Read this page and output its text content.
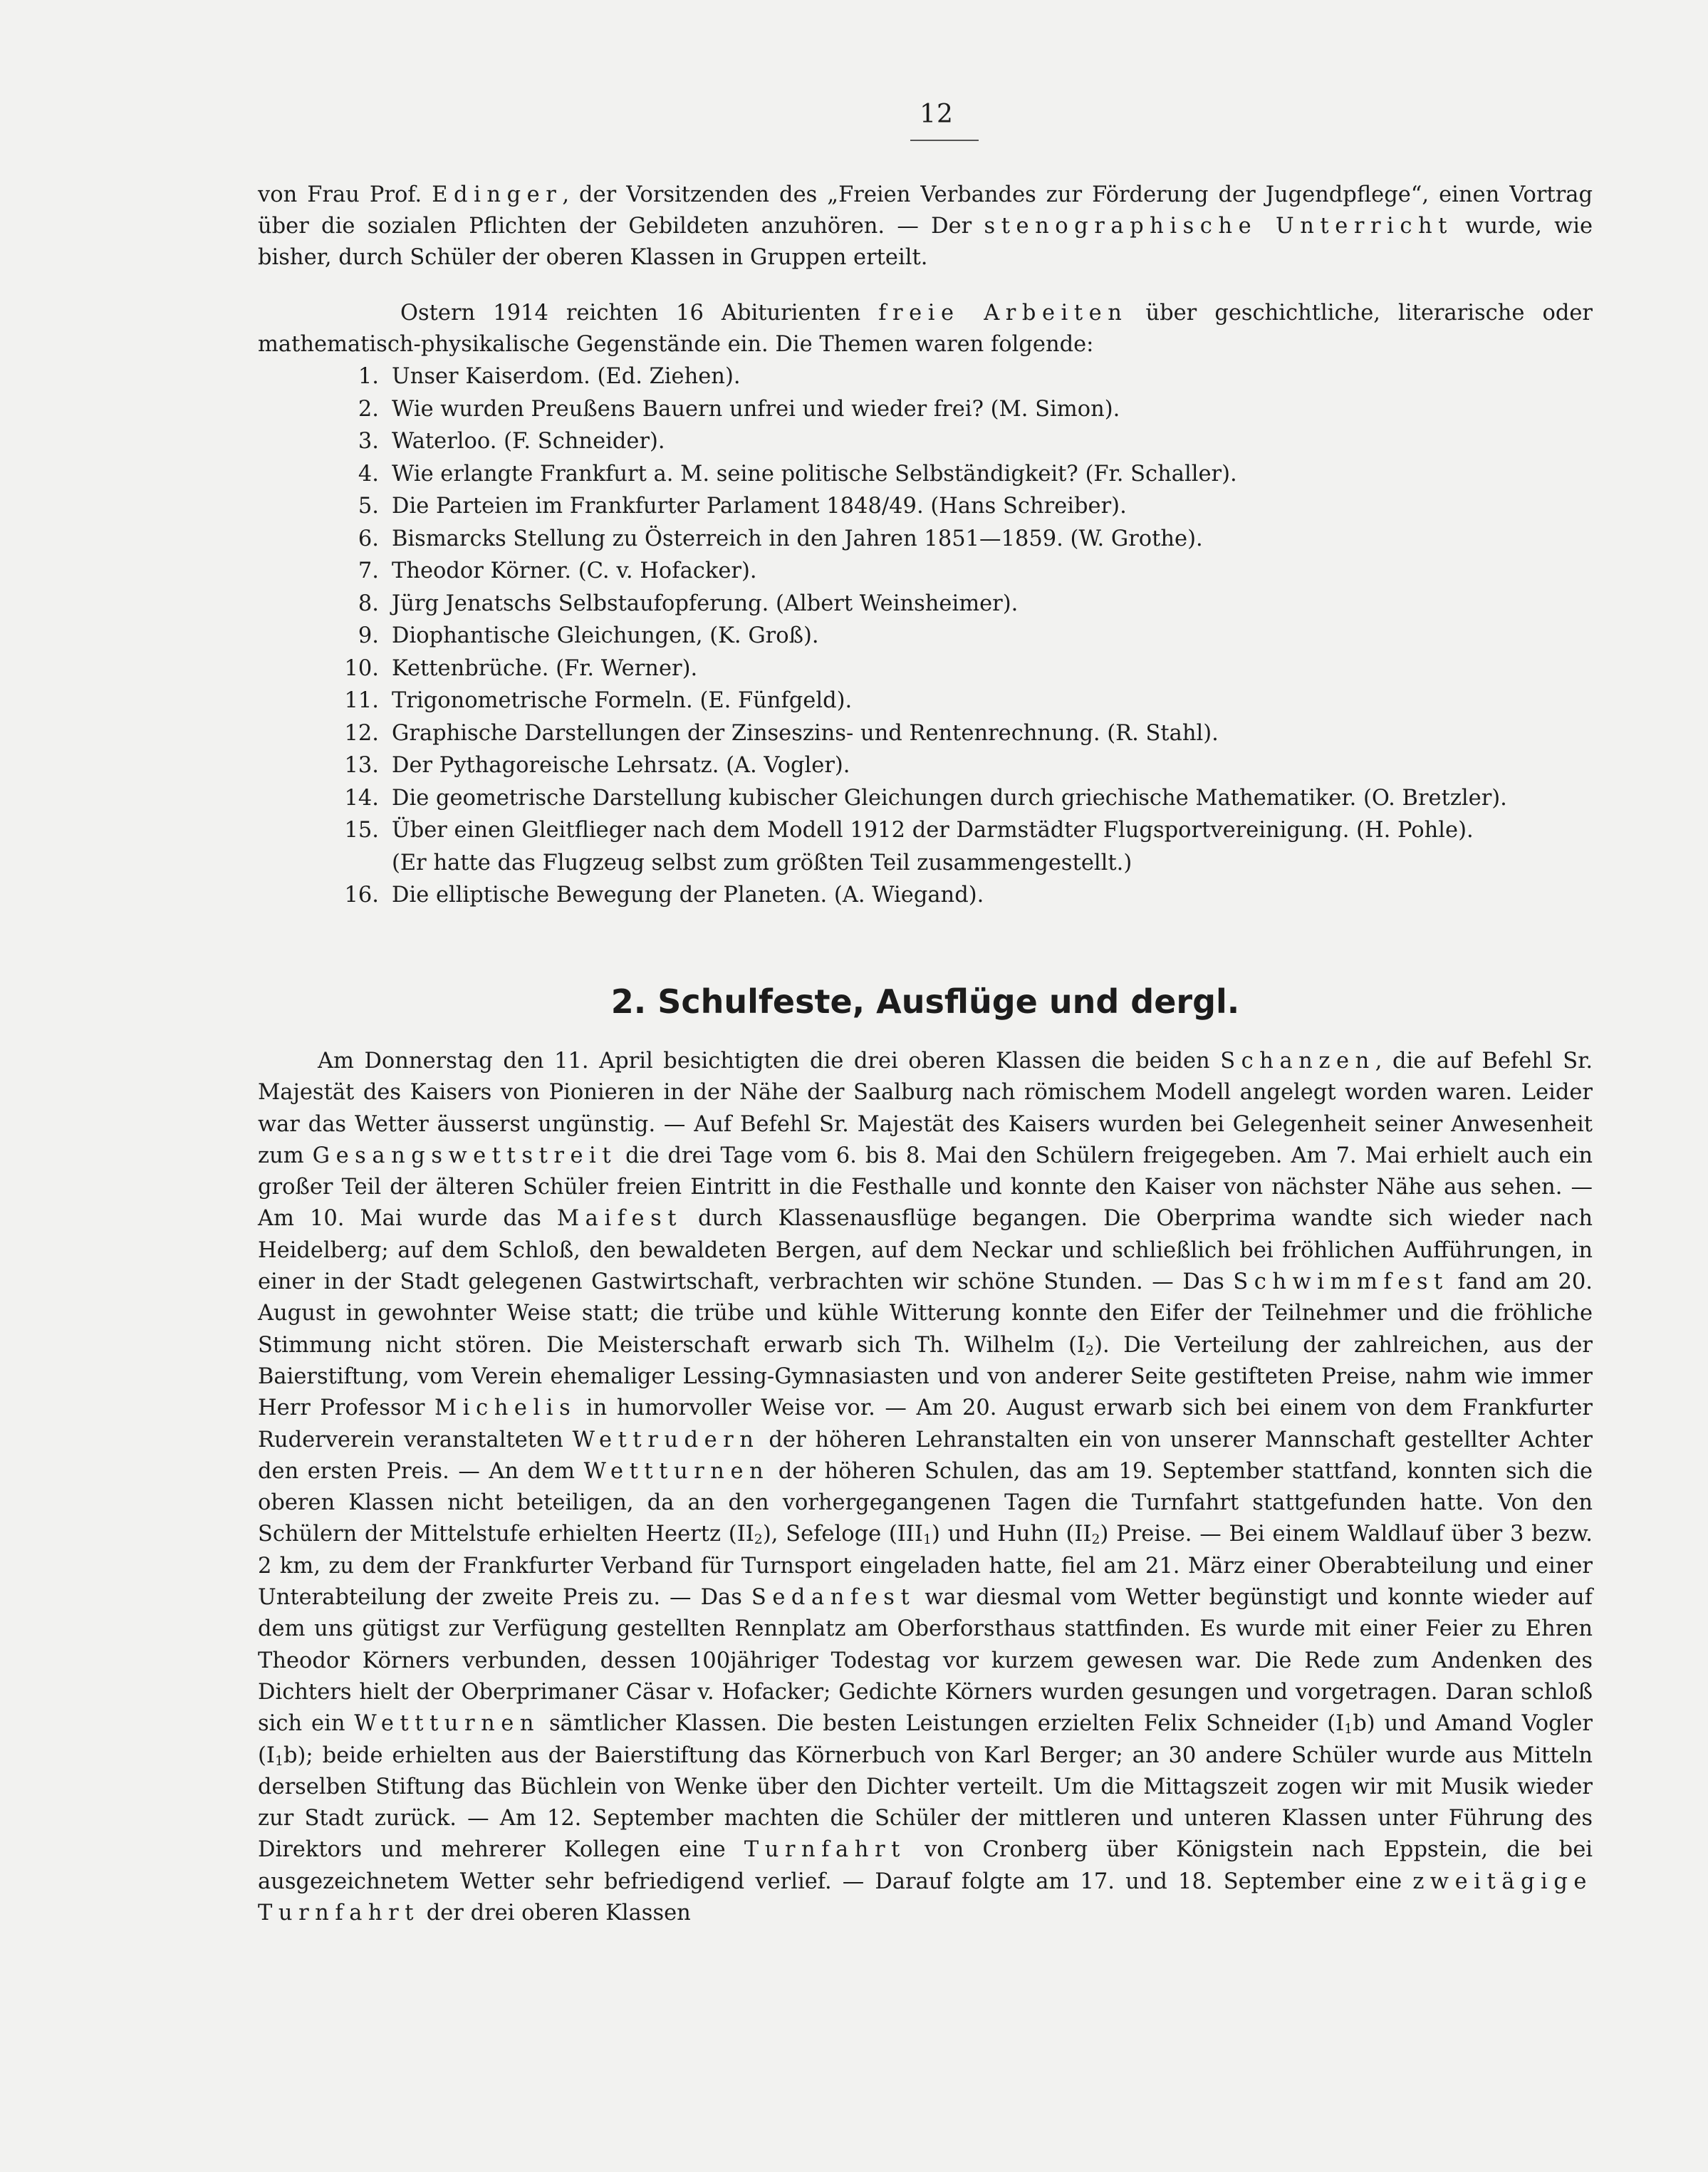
12

von Frau Prof. Edinger, der Vorsitzenden des „Freien Verbandes zur Förderung der Jugendpflege“, einen Vortrag über die sozialen Pflichten der Gebildeten anzuhören. — Der stenographische Unterricht wurde, wie bisher, durch Schüler der oberen Klassen in Gruppen erteilt.

Ostern 1914 reichten 16 Abiturienten freie Arbeiten über geschichtliche, literarische oder mathematisch-physikalische Gegenstände ein. Die Themen waren folgende:

1. Unser Kaiserdom. (Ed. Ziehen).
2. Wie wurden Preußens Bauern unfrei und wieder frei? (M. Simon).
3. Waterloo. (F. Schneider).
4. Wie erlangte Frankfurt a. M. seine politische Selbständigkeit? (Fr. Schaller).
5. Die Parteien im Frankfurter Parlament 1848/49. (Hans Schreiber).
6. Bismarcks Stellung zu Österreich in den Jahren 1851—1859. (W. Grothe).
7. Theodor Körner. (C. v. Hofacker).
8. Jürg Jenatschs Selbstaufopferung. (Albert Weinsheimer).
9. Diophantische Gleichungen, (K. Groß).
10. Kettenbrüche. (Fr. Werner).
11. Trigonometrische Formeln. (E. Fünfgeld).
12. Graphische Darstellungen der Zinseszins- und Rentenrechnung. (R. Stahl).
13. Der Pythagoreische Lehrsatz. (A. Vogler).
14. Die geometrische Darstellung kubischer Gleichungen durch griechische Mathematiker. (O. Bretzler).
15. Über einen Gleitflieger nach dem Modell 1912 der Darmstädter Flugsportvereinigung. (H. Pohle).
(Er hatte das Flugzeug selbst zum größten Teil zusammengestellt.)
16. Die elliptische Bewegung der Planeten. (A. Wiegand).
2. Schulfeste, Ausflüge und dergl.

Am Donnerstag den 11. April besichtigten die drei oberen Klassen die beiden Schanzen, die auf Befehl Sr. Majestät des Kaisers von Pionieren in der Nähe der Saalburg nach römischem Modell angelegt worden waren. Leider war das Wetter äusserst ungünstig. — Auf Befehl Sr. Majestät des Kaisers wurden bei Gelegenheit seiner Anwesenheit zum Gesangswettstreit die drei Tage vom 6. bis 8. Mai den Schülern freigegeben. Am 7. Mai erhielt auch ein großer Teil der älteren Schüler freien Eintritt in die Festhalle und konnte den Kaiser von nächster Nähe aus sehen. — Am 10. Mai wurde das Maifest durch Klassenausflüge begangen. Die Oberprima wandte sich wieder nach Heidelberg; auf dem Schloß, den bewaldeten Bergen, auf dem Neckar und schließlich bei fröhlichen Aufführungen, in einer in der Stadt gelegenen Gastwirtschaft, verbrachten wir schöne Stunden. — Das Schwimmfest fand am 20. August in gewohnter Weise statt; die trübe und kühle Witterung konnte den Eifer der Teilnehmer und die fröhliche Stimmung nicht stören. Die Meisterschaft erwarb sich Th. Wilhelm $(I_2)$. Die Verteilung der zahlreichen, aus der Baierstiftung, vom Verein ehemaliger Lessing-Gymnasiasten und von anderer Seite gestifteten Preise, nahm wie immer Herr Professor Michelis in humorvoller Weise vor. — Am 20. August erwarb sich bei einem von dem Frankfurter Ruderverein veranstalteten Wettrudern der höheren Lehranstalten ein von unserer Mannschaft gestellter Achter den ersten Preis. — An dem Wettturnen der höheren Schulen, das am 19. September stattfand, konnten sich die oberen Klassen nicht beteiligen, da an den vorhergegangenen Tagen die Turnfahrt stattgefunden hatte. Von den Schülern der Mittelstufe erhielten Heertz $(II_2)$, Sefeloge $(III_1)$ und Huhn $(II_2)$ Preise. — Bei einem Waldlauf über 3 bezw. 2 km, zu dem der Frankfurter Verband für Turnsport eingeladen hatte, fiel am 21. März einer Oberabteilung und einer Unterabteilung der zweite Preis zu. — Das Sedanfest war diesmal vom Wetter begünstigt und konnte wieder auf dem uns gütigst zur Verfügung gestellten Rennplatz am Oberforsthaus stattfinden. Es wurde mit einer Feier zu Ehren Theodor Körners verbunden, dessen 100jähriger Todestag vor kurzem gewesen war. Die Rede zum Andenken des Dichters hielt der Oberprimaner Cäsar v. Hofacker; Gedichte Körners wurden gesungen und vorgetragen. Daran schloß sich ein Wettturnen sämtlicher Klassen. Die besten Leistungen erzielten Felix Schneider $(I_1b)$ und Amand Vogler $(I_1b)$; beide erhielten aus der Baierstiftung das Körnerbuch von Karl Berger; an 30 andere Schüler wurde aus Mitteln derselben Stiftung das Büchlein von Wenke über den Dichter verteilt. Um die Mittagszeit zogen wir mit Musik wieder zur Stadt zurück. — Am 12. September machten die Schüler der mittleren und unteren Klassen unter Führung des Direktors und mehrerer Kollegen eine Turnfahrt von Cronberg über Königstein nach Eppstein, die bei ausgezeichnetem Wetter sehr befriedigend verlief. — Darauf folgte am 17. und 18. September eine zweitägige Turnfahrt der drei oberen Klassen
